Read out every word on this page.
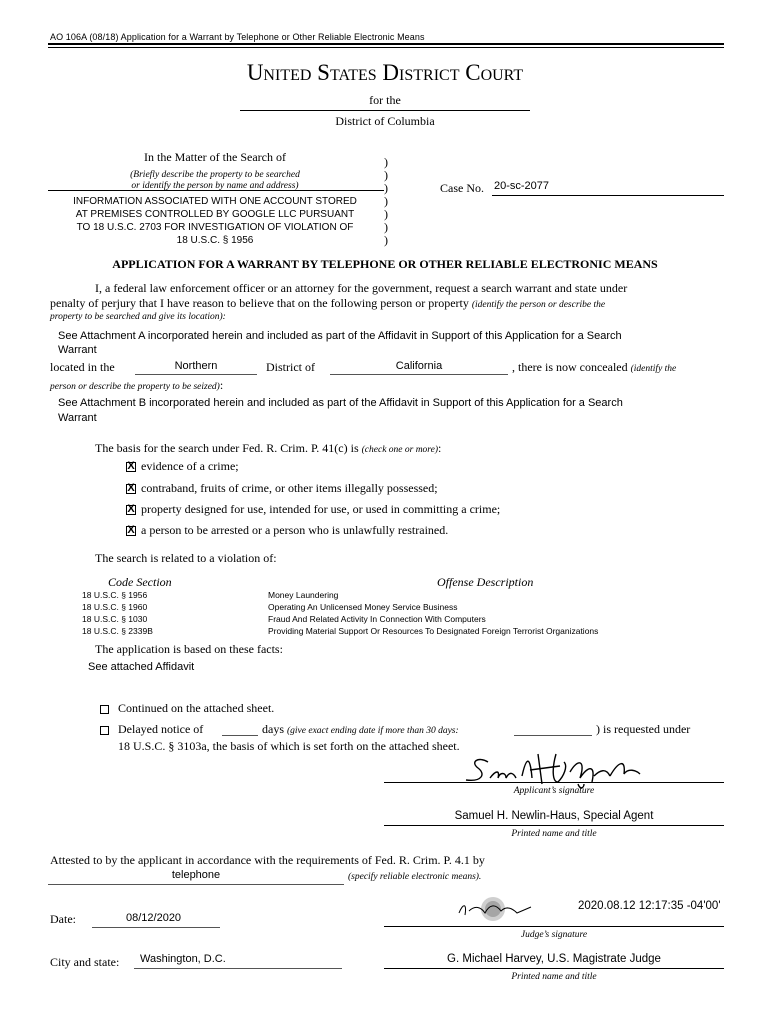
AO 106A (08/18) Application for a Warrant by Telephone or Other Reliable Electronic Means
United States District Court
for the
District of Columbia
In the Matter of the Search of
(Briefly describe the property to be searched
or identify the person by name and address)
INFORMATION ASSOCIATED WITH ONE ACCOUNT STORED
AT PREMISES CONTROLLED BY GOOGLE LLC PURSUANT
TO 18 U.S.C. 2703 FOR INVESTIGATION OF VIOLATION OF
18 U.S.C. § 1956
)
)
)
)
)
)
)
Case No. 20-sc-2077
APPLICATION FOR A WARRANT BY TELEPHONE OR OTHER RELIABLE ELECTRONIC MEANS
I, a federal law enforcement officer or an attorney for the government, request a search warrant and state under
penalty of perjury that I have reason to believe that on the following person or property (identify the person or describe the
property to be searched and give its location):
See Attachment A incorporated herein and included as part of the Affidavit in Support of this Application for a Search
Warrant
located in the	Northern	District of	California	, there is now concealed (identify the
person or describe the property to be seized):
See Attachment B incorporated herein and included as part of the Affidavit in Support of this Application for a Search
Warrant
The basis for the search under Fed. R. Crim. P. 41(c) is (check one or more):
X evidence of a crime;
X contraband, fruits of crime, or other items illegally possessed;
X property designed for use, intended for use, or used in committing a crime;
X a person to be arrested or a person who is unlawfully restrained.
The search is related to a violation of:
Code Section	Offense Description
18 U.S.C. § 1956	Money Laundering
18 U.S.C. § 1960	Operating An Unlicensed Money Service Business
18 U.S.C. § 1030	Fraud And Related Activity In Connection With Computers
18 U.S.C. § 2339B	Providing Material Support Or Resources To Designated Foreign Terrorist Organizations
The application is based on these facts:
See attached Affidavit
Continued on the attached sheet.
Delayed notice of	days (give exact ending date if more than 30 days:	) is requested under
18 U.S.C. § 3103a, the basis of which is set forth on the attached sheet.
Applicant’s signature
Samuel H. Newlin-Haus, Special Agent
Printed name and title
Attested to by the applicant in accordance with the requirements of Fed. R. Crim. P. 4.1 by
telephone	(specify reliable electronic means).
2020.08.12 12:17:35 -04'00'
Date:	08/12/2020
Judge’s signature
City and state: Washington, D.C.	G. Michael Harvey, U.S. Magistrate Judge
Printed name and title
